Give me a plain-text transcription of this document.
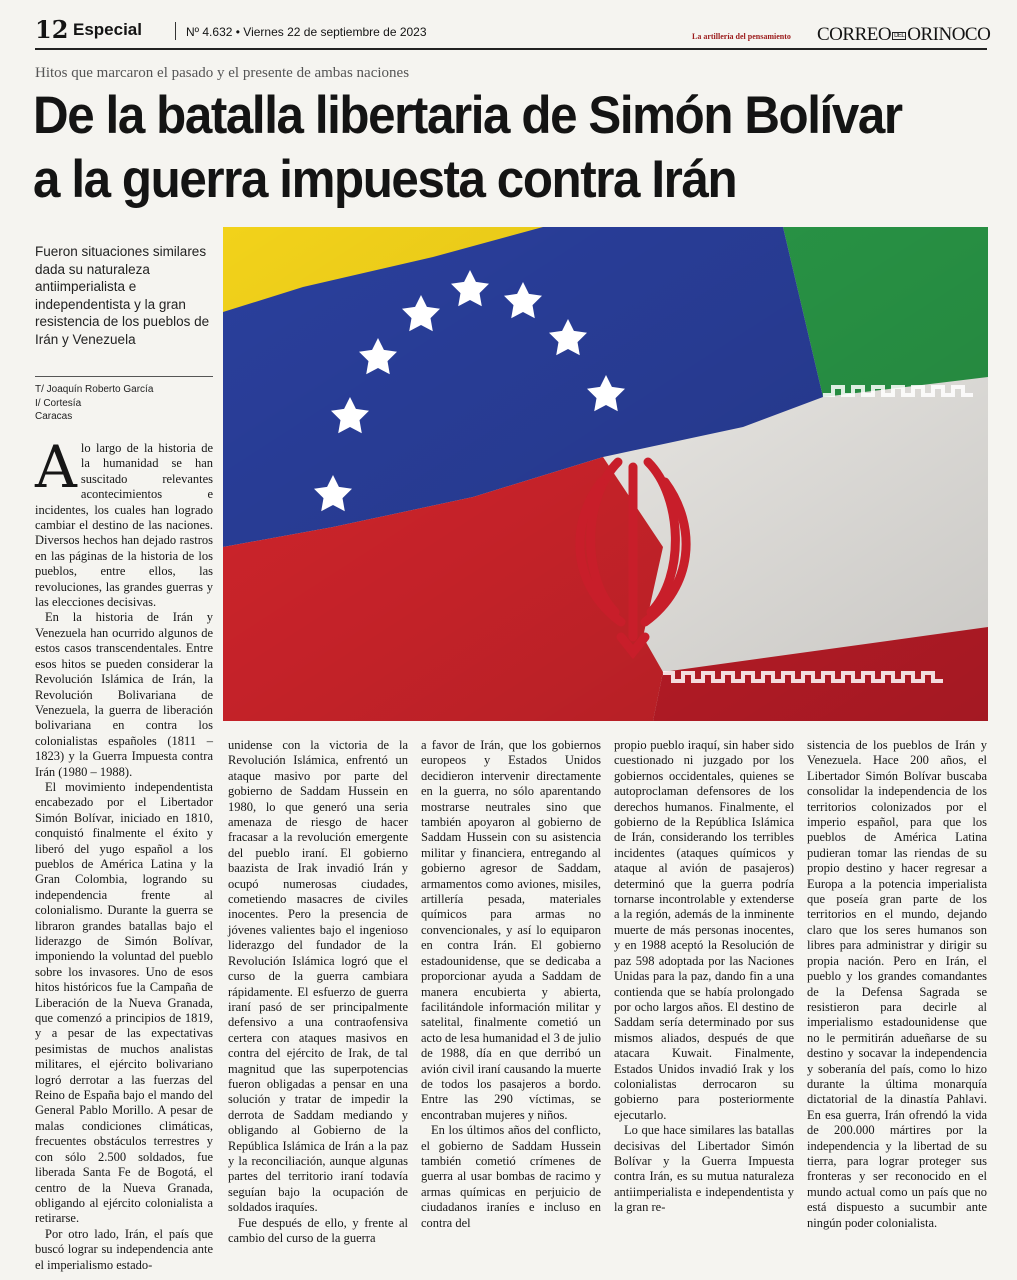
12 Especial	Nº 4.632 • Viernes 22 de septiembre de 2023	La artillería del pensamiento CORREO DEL ORINOCO
Hitos que marcaron el pasado y el presente de ambas naciones
De la batalla libertaria de Simón Bolívar
a la guerra impuesta contra Irán
Fueron situaciones similares dada su naturaleza antiimperialista e independentista y la gran resistencia de los pueblos de Irán y Venezuela
T/ Joaquín Roberto García
I/ Cortesía
Caracas

Alo largo de la historia de la humanidad se han suscitado relevantes acontecimientos e incidentes, los cuales han logrado cambiar el destino de las naciones. Diversos hechos han dejado rastros en las páginas de la historia de los pueblos, entre ellos, las revoluciones, las grandes guerras y las elecciones decisivas.

En la historia de Irán y Venezuela han ocurrido algunos de estos casos transcendentales. Entre esos hitos se pueden considerar la Revolución Islámica de Irán, la Revolución Bolivariana de Venezuela, la guerra de liberación bolivariana en contra los colonialistas españoles (1811 – 1823) y la Guerra Impuesta contra Irán (1980 – 1988).

El movimiento independentista encabezado por el Libertador Simón Bolívar, iniciado en 1810, conquistó finalmente el éxito y liberó del yugo español a los pueblos de América Latina y la Gran Colombia, logrando su independencia frente al colonialismo. Durante la guerra se libraron grandes batallas bajo el liderazgo de Simón Bolívar, imponiendo la voluntad del pueblo sobre los invasores. Uno de esos hitos históricos fue la Campaña de Liberación de la Nueva Granada, que comenzó a principios de 1819, y a pesar de las expectativas pesimistas de muchos analistas militares, el ejército bolivariano logró derrotar a las fuerzas del Reino de España bajo el mando del General Pablo Morillo. A pesar de malas condiciones climáticas, frecuentes obstáculos terrestres y con sólo 2.500 soldados, fue liberada Santa Fe de Bogotá, el centro de la Nueva Granada, obligando al ejército colonialista a retirarse.

Por otro lado, Irán, el país que buscó lograr su independencia ante el imperialismo estado-

unidense con la victoria de la Revolución Islámica, enfrentó un ataque masivo por parte del gobierno de Saddam Hussein en 1980, lo que generó una seria amenaza de riesgo de hacer fracasar a la revolución emergente del pueblo iraní. El gobierno baazista de Irak invadió Irán y ocupó numerosas ciudades, cometiendo masacres de civiles inocentes. Pero la presencia de jóvenes valientes bajo el ingenioso liderazgo del fundador de la Revolución Islámica logró que el curso de la guerra cambiara rápidamente. El esfuerzo de guerra iraní pasó de ser principalmente defensivo a una contraofensiva certera con ataques masivos en contra del ejército de Irak, de tal magnitud que las superpotencias fueron obligadas a pensar en una solución y tratar de impedir la derrota de Saddam mediando y obligando al Gobierno de la República Islámica de Irán a la paz y la reconciliación, aunque algunas partes del territorio iraní todavía seguían bajo la ocupación de soldados iraquíes.

Fue después de ello, y frente al cambio del curso de la guerra

a favor de Irán, que los gobiernos europeos y Estados Unidos decidieron intervenir directamente en la guerra, no sólo aparentando mostrarse neutrales sino que también apoyaron al gobierno de Saddam Hussein con su asistencia militar y financiera, entregando al gobierno agresor de Saddam, armamentos como aviones, misiles, artillería pesada, materiales químicos para armas no convencionales, y así lo equiparon en contra Irán. El gobierno estadounidense, que se dedicaba a proporcionar ayuda a Saddam de manera encubierta y abierta, facilitándole información militar y satelital, finalmente cometió un acto de lesa humanidad el 3 de julio de 1988, día en que derribó un avión civil iraní causando la muerte de todos los pasajeros a bordo. Entre las 290 víctimas, se encontraban mujeres y niños.

En los últimos años del conflicto, el gobierno de Saddam Hussein también cometió crímenes de guerra al usar bombas de racimo y armas químicas en perjuicio de ciudadanos iraníes e incluso en contra del

propio pueblo iraquí, sin haber sido cuestionado ni juzgado por los gobiernos occidentales, quienes se autoproclaman defensores de los derechos humanos. Finalmente, el gobierno de la República Islámica de Irán, considerando los terribles incidentes (ataques químicos y ataque al avión de pasajeros) determinó que la guerra podría tornarse incontrolable y extenderse a la región, además de la inminente muerte de más personas inocentes, y en 1988 aceptó la Resolución de paz 598 adoptada por las Naciones Unidas para la paz, dando fin a una contienda que se había prolongado por ocho largos años. El destino de Saddam sería determinado por sus mismos aliados, después de que atacara Kuwait. Finalmente, Estados Unidos invadió Irak y los colonialistas derrocaron su gobierno para posteriormente ejecutarlo.

Lo que hace similares las batallas decisivas del Libertador Simón Bolívar y la Guerra Impuesta contra Irán, es su mutua naturaleza antiimperialista e independentista y la gran re-

sistencia de los pueblos de Irán y Venezuela. Hace 200 años, el Libertador Simón Bolívar buscaba consolidar la independencia de los territorios colonizados por el imperio español, para que los pueblos de América Latina pudieran tomar las riendas de su propio destino y hacer regresar a Europa a la potencia imperialista que poseía gran parte de los territorios en el mundo, dejando claro que los seres humanos son libres para administrar y dirigir su propia nación. Pero en Irán, el pueblo y los grandes comandantes de la Defensa Sagrada se resistieron para decirle al imperialismo estadounidense que no le permitirán adueñarse de su destino y socavar la independencia y soberanía del país, como lo hizo durante la última monarquía dictatorial de la dinastía Pahlavi. En esa guerra, Irán ofrendó la vida de 200.000 mártires por la independencia y la libertad de su tierra, para lograr proteger sus fronteras y ser reconocido en el mundo actual como un país que no está dispuesto a sucumbir ante ningún poder colonialista.
